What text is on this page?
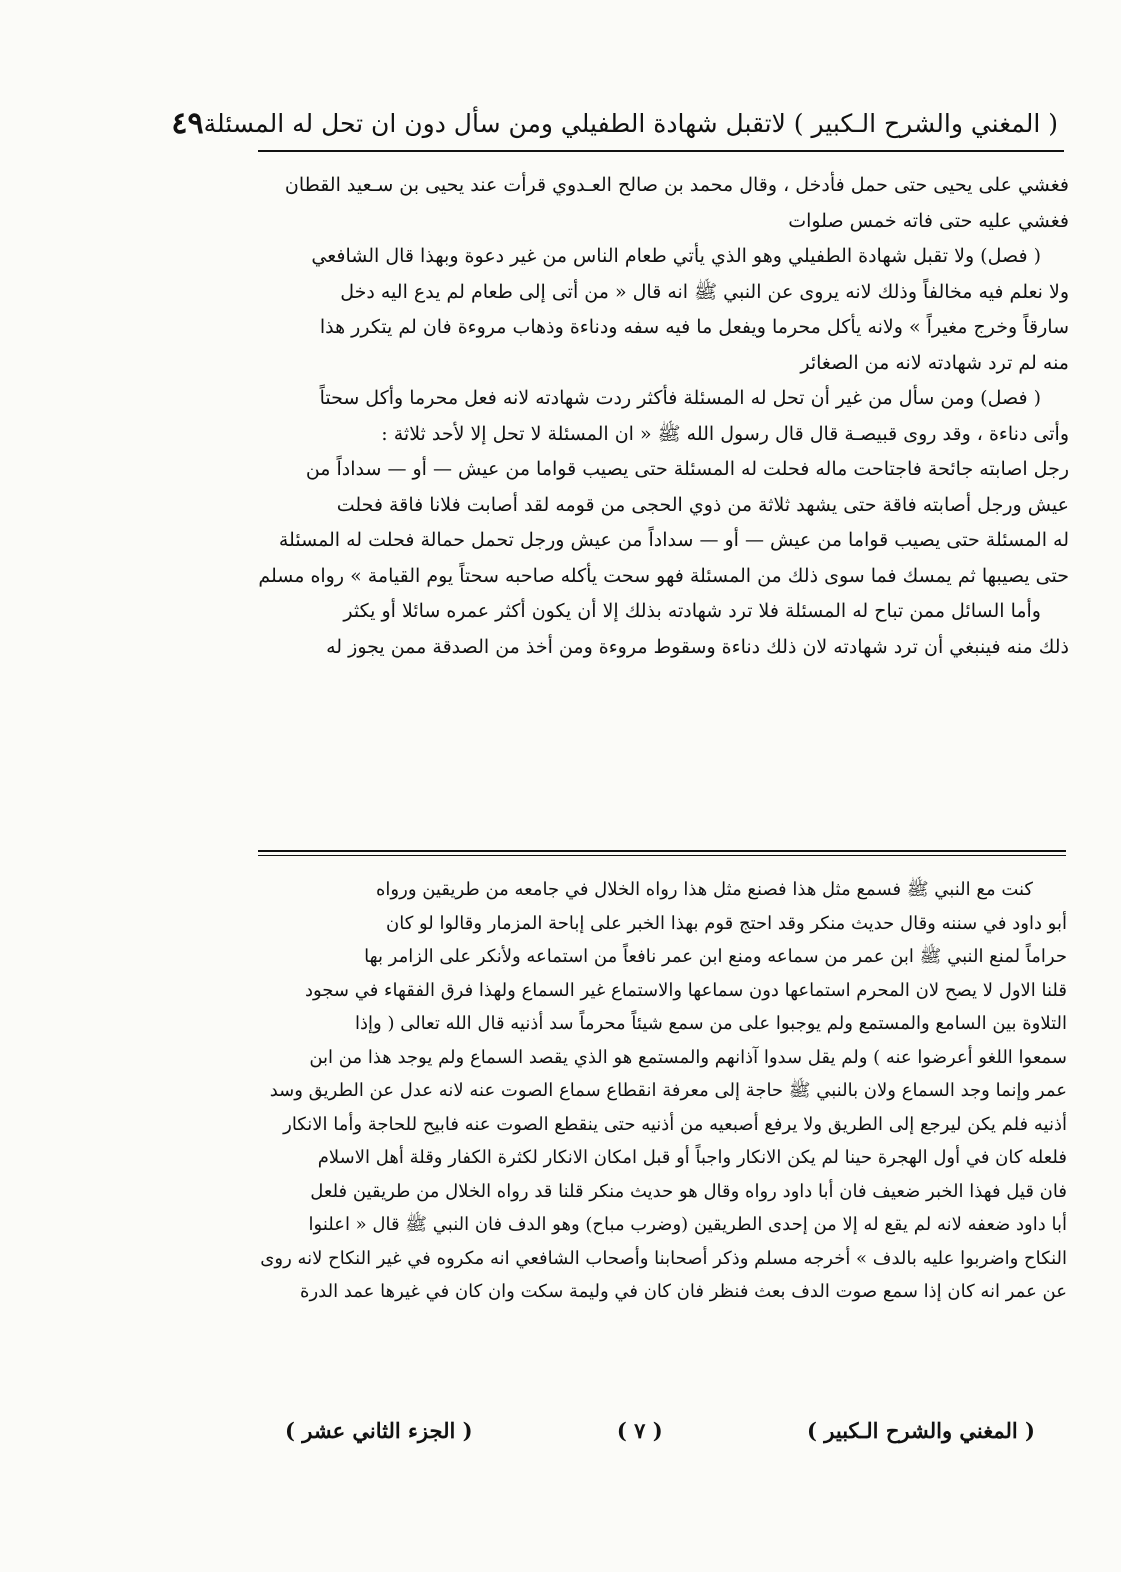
( المغني والشرح الـكبير ) لاتقبل شهادة الطفيلي ومن سأل دون ان تحل له المسئلة
٤٩
فغشي على يحيى حتى حمل فأدخل ، وقال محمد بن صالح العـدوي قرأت عند يحيى بن سـعيد القطان
فغشي عليه حتى فاته خمس صلوات
( فصل) ولا تقبل شهادة الطفيلي وهو الذي يأتي طعام الناس من غير دعوة وبهذا قال الشافعي
ولا نعلم فيه مخالفاً وذلك لانه يروى عن النبي ﷺ انه قال « من أتى إلى طعام لم يدع اليه دخل
سارقاً وخرج مغيراً » ولانه يأكل محرما ويفعل ما فيه سفه ودناءة وذهاب مروءة فان لم يتكرر هذا
منه لم ترد شهادته لانه من الصغائر
( فصل) ومن سأل من غير أن تحل له المسئلة فأكثر ردت شهادته لانه فعل محرما وأكل سحتاً
وأتى دناءة ، وقد روى قبيصـة قال قال رسول الله ﷺ « ان المسئلة لا تحل إلا لأحد ثلاثة :
رجل اصابته جائحة فاجتاحت ماله فحلت له المسئلة حتى يصيب قواما من عيش — أو — سداداً من
عيش ورجل أصابته فاقة حتى يشهد ثلاثة من ذوي الحجى من قومه لقد أصابت فلانا فاقة فحلت
له المسئلة حتى يصيب قواما من عيش — أو — سداداً من عيش ورجل تحمل حمالة فحلت له المسئلة
حتى يصيبها ثم يمسك فما سوى ذلك من المسئلة فهو سحت يأكله صاحبه سحتاً يوم القيامة » رواه مسلم
وأما السائل ممن تباح له المسئلة فلا ترد شهادته بذلك إلا أن يكون أكثر عمره سائلا أو يكثر
ذلك منه فينبغي أن ترد شهادته لان ذلك دناءة وسقوط مروءة ومن أخذ من الصدقة ممن يجوز له
كنت مع النبي ﷺ فسمع مثل هذا فصنع مثل هذا رواه الخلال في جامعه من طريقين ورواه
أبو داود في سننه وقال حديث منكر وقد احتج قوم بهذا الخبر على إباحة المزمار وقالوا لو كان
حراماً لمنع النبي ﷺ ابن عمر من سماعه ومنع ابن عمر نافعاً من استماعه ولأنكر على الزامر بها
قلنا الاول لا يصح لان المحرم استماعها دون سماعها والاستماع غير السماع ولهذا فرق الفقهاء في سجود
التلاوة بين السامع والمستمع ولم يوجبوا على من سمع شيئاً محرماً سد أذنيه قال الله تعالى ( وإذا
سمعوا اللغو أعرضوا عنه ) ولم يقل سدوا آذانهم والمستمع هو الذي يقصد السماع ولم يوجد هذا من ابن
عمر وإنما وجد السماع ولان بالنبي ﷺ حاجة إلى معرفة انقطاع سماع الصوت عنه لانه عدل عن الطريق وسد
أذنيه فلم يكن ليرجع إلى الطريق ولا يرفع أصبعيه من أذنيه حتى ينقطع الصوت عنه فابيح للحاجة وأما الانكار
فلعله كان في أول الهجرة حينا لم يكن الانكار واجباً أو قبل امكان الانكار لكثرة الكفار وقلة أهل الاسلام
فان قيل فهذا الخبر ضعيف فان أبا داود رواه وقال هو حديث منكر قلنا قد رواه الخلال من طريقين فلعل
أبا داود ضعفه لانه لم يقع له إلا من إحدى الطريقين (وضرب مباح) وهو الدف فان النبي ﷺ قال « اعلنوا
النكاح واضربوا عليه بالدف » أخرجه مسلم وذكر أصحابنا وأصحاب الشافعي انه مكروه في غير النكاح لانه روى
عن عمر انه كان إذا سمع صوت الدف بعث فنظر فان كان في وليمة سكت وان كان في غيرها عمد الدرة
( المغني والشرح الـكبير )
( ٧ )
( الجزء الثاني عشر )
